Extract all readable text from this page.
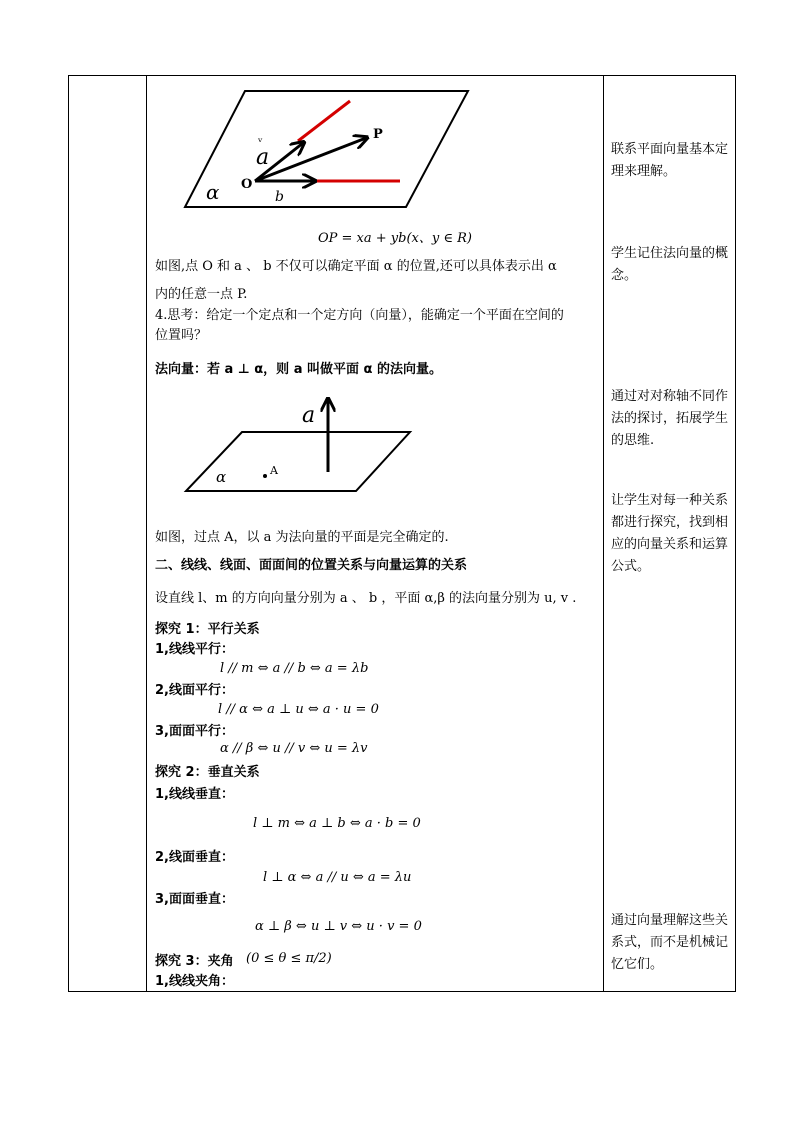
a
ᵛ
b
O
P
α
OP = xa + yb(x、y ∈ R)
如图,点 O 和 a 、 b 不仅可以确定平面 α 的位置,还可以具体表示出 α
内的任意一点 P.
4.思考：给定一个定点和一个定方向（向量），能确定一个平面在空间的
位置吗？
法向量：若 a ⊥ α，则 a 叫做平面 α 的法向量。
a
A
α
如图，过点 A，以 a 为法向量的平面是完全确定的.
二、线线、线面、面面间的位置关系与向量运算的关系
设直线 l、m 的方向向量分别为 a 、 b ，平面 α,β 的法向量分别为 u, v .
探究 1：平行关系
1,线线平行：
l // m ⇔ a // b ⇔ a = λb
2,线面平行：
l // α ⇔ a ⊥ u ⇔ a · u = 0
3,面面平行：
α // β ⇔ u // v ⇔ u = λv
探究 2：垂直关系
1,线线垂直：
l ⊥ m ⇔ a ⊥ b ⇔ a · b = 0
2,线面垂直：
l ⊥ α ⇔ a // u ⇔ a = λu
3,面面垂直：
α ⊥ β ⇔ u ⊥ v ⇔ u · v = 0
探究 3：夹角 (0 ≤ θ ≤ π/2)
1,线线夹角：
联系平面向量基本定理来理解。
学生记住法向量的概念。
通过对对称轴不同作法的探讨，拓展学生的思维.
让学生对每一种关系都进行探究，找到相应的向量关系和运算公式。
通过向量理解这些关系式，而不是机械记忆它们。
